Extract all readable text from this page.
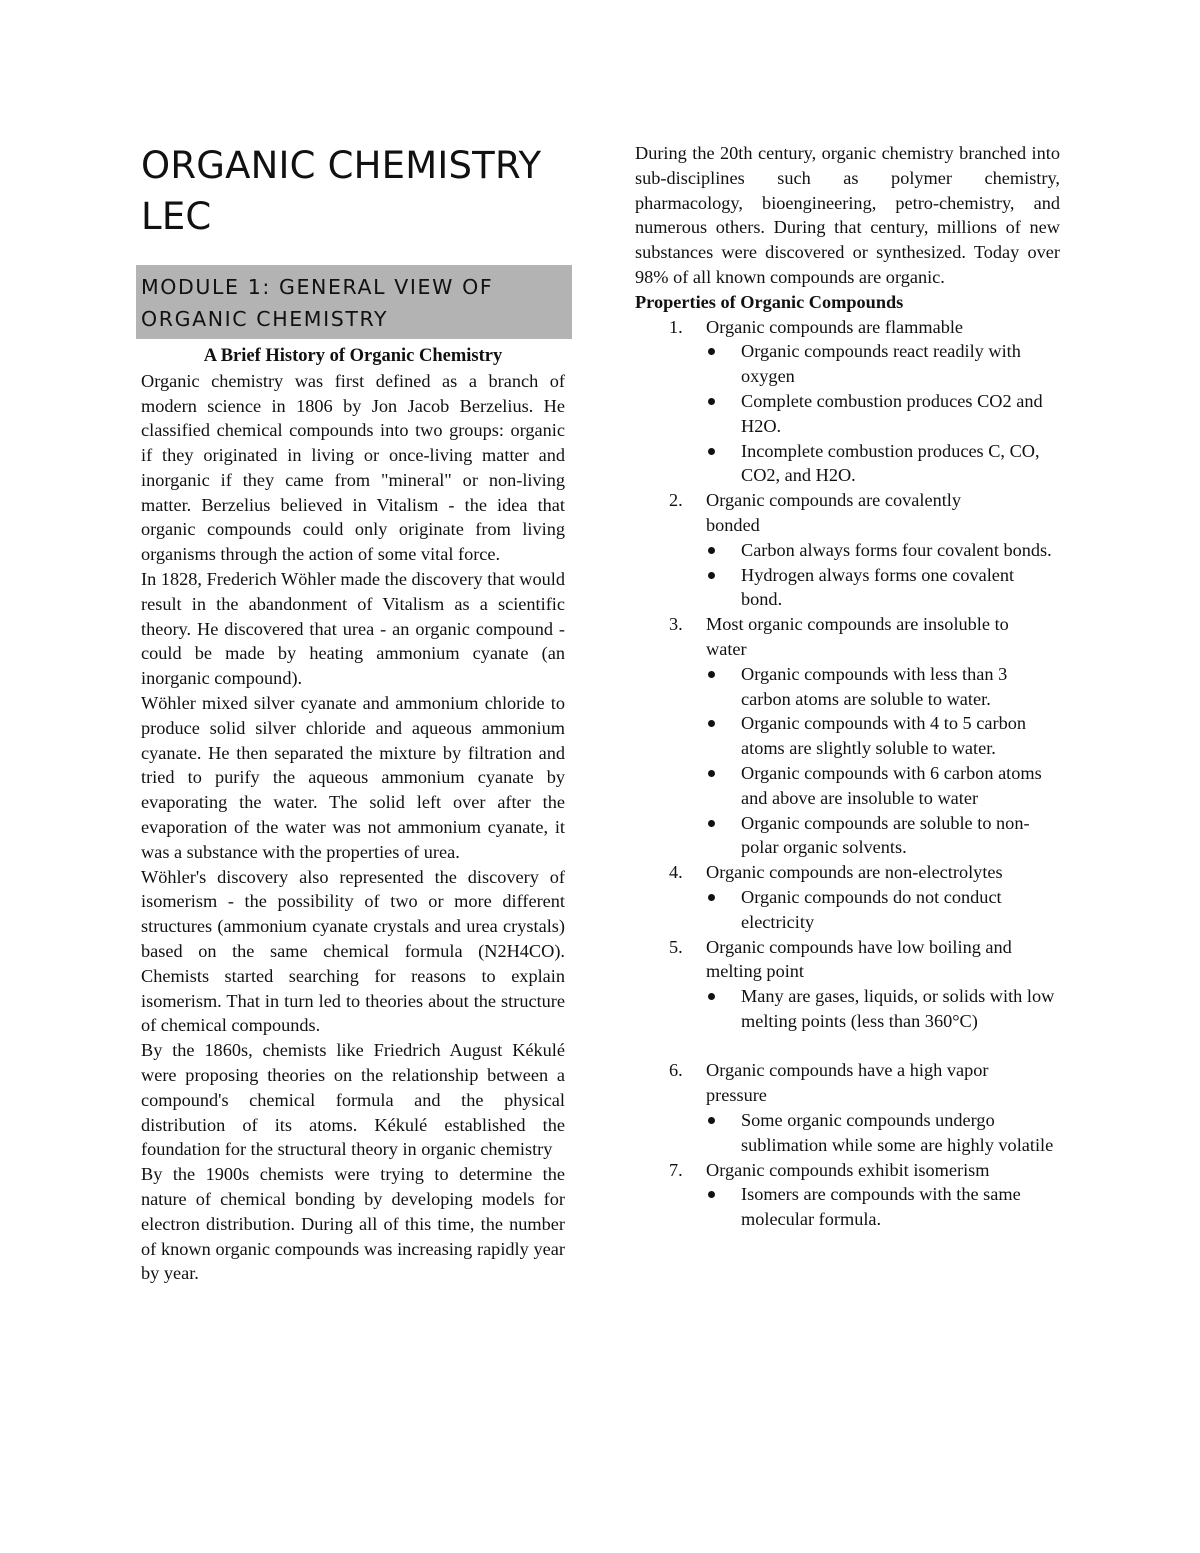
ORGANIC CHEMISTRY LEC
MODULE 1: GENERAL VIEW OF ORGANIC CHEMISTRY
A Brief History of Organic Chemistry

Organic chemistry was first defined as a branch of modern science in 1806 by Jon Jacob Berzelius. He classified chemical compounds into two groups: organic if they originated in living or once-living matter and inorganic if they came from "mineral" or non-living matter. Berzelius believed in Vitalism - the idea that organic compounds could only originate from living organisms through the action of some vital force.

In 1828, Frederich Wöhler made the discovery that would result in the abandonment of Vitalism as a scientific theory. He discovered that urea - an organic compound - could be made by heating ammonium cyanate (an inorganic compound).

Wöhler mixed silver cyanate and ammonium chloride to produce solid silver chloride and aqueous ammonium cyanate. He then separated the mixture by filtration and tried to purify the aqueous ammonium cyanate by evaporating the water. The solid left over after the evaporation of the water was not ammonium cyanate, it was a substance with the properties of urea.

Wöhler's discovery also represented the discovery of isomerism - the possibility of two or more different structures (ammonium cyanate crystals and urea crystals) based on the same chemical formula (N2H4CO). Chemists started searching for reasons to explain isomerism. That in turn led to theories about the structure of chemical compounds.

By the 1860s, chemists like Friedrich August Kékulé were proposing theories on the relationship between a compound's chemical formula and the physical distribution of its atoms. Kékulé established the foundation for the structural theory in organic chemistry

By the 1900s chemists were trying to determine the nature of chemical bonding by developing models for electron distribution. During all of this time, the number of known organic compounds was increasing rapidly year by year.

During the 20th century, organic chemistry branched into sub-disciplines such as polymer chemistry, pharmacology, bioengineering, petro-chemistry, and numerous others. During that century, millions of new substances were discovered or synthesized. Today over 98% of all known compounds are organic.

Properties of Organic Compounds
1. Organic compounds are flammable
Organic compounds react readily with oxygen
Complete combustion produces CO2 and H2O.
Incomplete combustion produces C, CO, CO2, and H2O.
2. Organic compounds are covalently bonded
Carbon always forms four covalent bonds.
Hydrogen always forms one covalent bond.
3. Most organic compounds are insoluble to water
Organic compounds with less than 3 carbon atoms are soluble to water.
Organic compounds with 4 to 5 carbon atoms are slightly soluble to water.
Organic compounds with 6 carbon atoms and above are insoluble to water
Organic compounds are soluble to non-polar organic solvents.
4. Organic compounds are non-electrolytes
Organic compounds do not conduct electricity
5. Organic compounds have low boiling and melting point
Many are gases, liquids, or solids with low melting points (less than 360°C)
6. Organic compounds have a high vapor pressure
Some organic compounds undergo sublimation while some are highly volatile
7. Organic compounds exhibit isomerism
Isomers are compounds with the same molecular formula.
